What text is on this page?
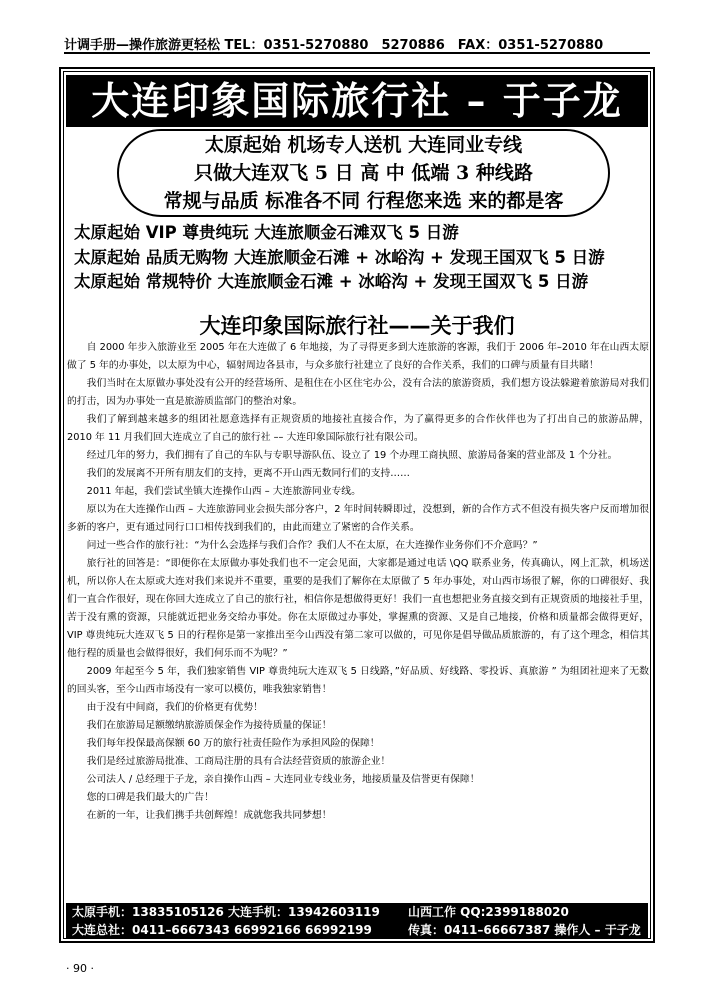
计调手册—操作旅游更轻松 TEL：0351-5270880　5270886　FAX：0351-5270880
大连印象国际旅行社 – 于子龙
太原起始 机场专人送机 大连同业专线
只做大连双飞 5 日 高 中 低端 3 种线路
常规与品质 标准各不同 行程您来选 来的都是客
太原起始 VIP 尊贵纯玩 大连旅顺金石滩双飞 5 日游
太原起始 品质无购物 大连旅顺金石滩 + 冰峪沟 + 发现王国双飞 5 日游
太原起始 常规特价 大连旅顺金石滩 + 冰峪沟 + 发现王国双飞 5 日游
大连印象国际旅行社——关于我们

自 2000 年步入旅游业至 2005 年在大连做了 6 年地接，为了寻得更多到大连旅游的客源，我们于 2006 年–2010 年在山西太原做了 5 年的办事处，以太原为中心，辐射周边各县市，与众多旅行社建立了良好的合作关系，我们的口碑与质量有目共睹！

我们当时在太原做办事处没有公开的经营场所、是租住在小区住宅办公，没有合法的旅游资质，我们想方设法躲避着旅游局对我们的打击，因为办事处一直是旅游质监部门的整治对象。

我们了解到越来越多的组团社愿意选择有正规资质的地接社直接合作，为了赢得更多的合作伙伴也为了打出自己的旅游品牌，2010 年 11 月我们回大连成立了自己的旅行社 –– 大连印象国际旅行社有限公司。

经过几年的努力，我们拥有了自己的车队与专职导游队伍、设立了 19 个办理工商执照、旅游局备案的营业部及 1 个分社。

我们的发展离不开所有朋友们的支持，更离不开山西无数同行们的支持……

2011 年起，我们尝试坐镇大连操作山西 – 大连旅游同业专线。

原以为在大连操作山西 – 大连旅游同业会损失部分客户，2 年时间转瞬即过，没想到，新的合作方式不但没有损失客户反而增加很多新的客户，更有通过同行口口相传找到我们的，由此而建立了紧密的合作关系。

问过一些合作的旅行社：“为什么会选择与我们合作？我们人不在太原，在大连操作业务你们不介意吗？”

旅行社的回答是：“即便你在太原做办事处我们也不一定会见面，大家都是通过电话 \QQ 联系业务，传真确认，网上汇款，机场送机，所以你人在太原或大连对我们来说并不重要，重要的是我们了解你在太原做了 5 年办事处，对山西市场很了解，你的口碑很好、我们一直合作很好，现在你回大连成立了自己的旅行社，相信你是想做得更好！我们一直也想把业务直接交到有正规资质的地接社手里，苦于没有熏的资源，只能就近把业务交给办事处。你在太原做过办事处，掌握熏的资源、又是自己地接，价格和质量都会做得更好，VIP 尊贵纯玩大连双飞 5 日的行程你是第一家推出至今山西没有第二家可以做的，可见你是倡导做品质旅游的，有了这个理念，相信其他行程的质量也会做得很好，我们何乐而不为呢？”

2009 年起至今 5 年，我们独家销售 VIP 尊贵纯玩大连双飞 5 日线路，”好品质、好线路、零投诉、真旅游 ” 为组团社迎来了无数的回头客，至今山西市场没有一家可以模仿，唯我独家销售！

由于没有中间商，我们的价格更有优势！

我们在旅游局足额缴纳旅游质保金作为接待质量的保证！

我们每年投保最高保额 60 万的旅行社责任险作为承担风险的保障！

我们是经过旅游局批准、工商局注册的具有合法经营资质的旅游企业！

公司法人 / 总经理于子龙，亲自操作山西 – 大连同业专线业务，地接质量及信誉更有保障！

您的口碑是我们最大的广告！

在新的一年，让我们携手共创辉煌！成就您我共同梦想！

太原手机：13835105126 大连手机：13942603119 山西工作 QQ:2399188020
大连总社：0411–6667343 66992166 66992199	传真：0411–66667387 操作人 – 于子龙
· 90 ·
